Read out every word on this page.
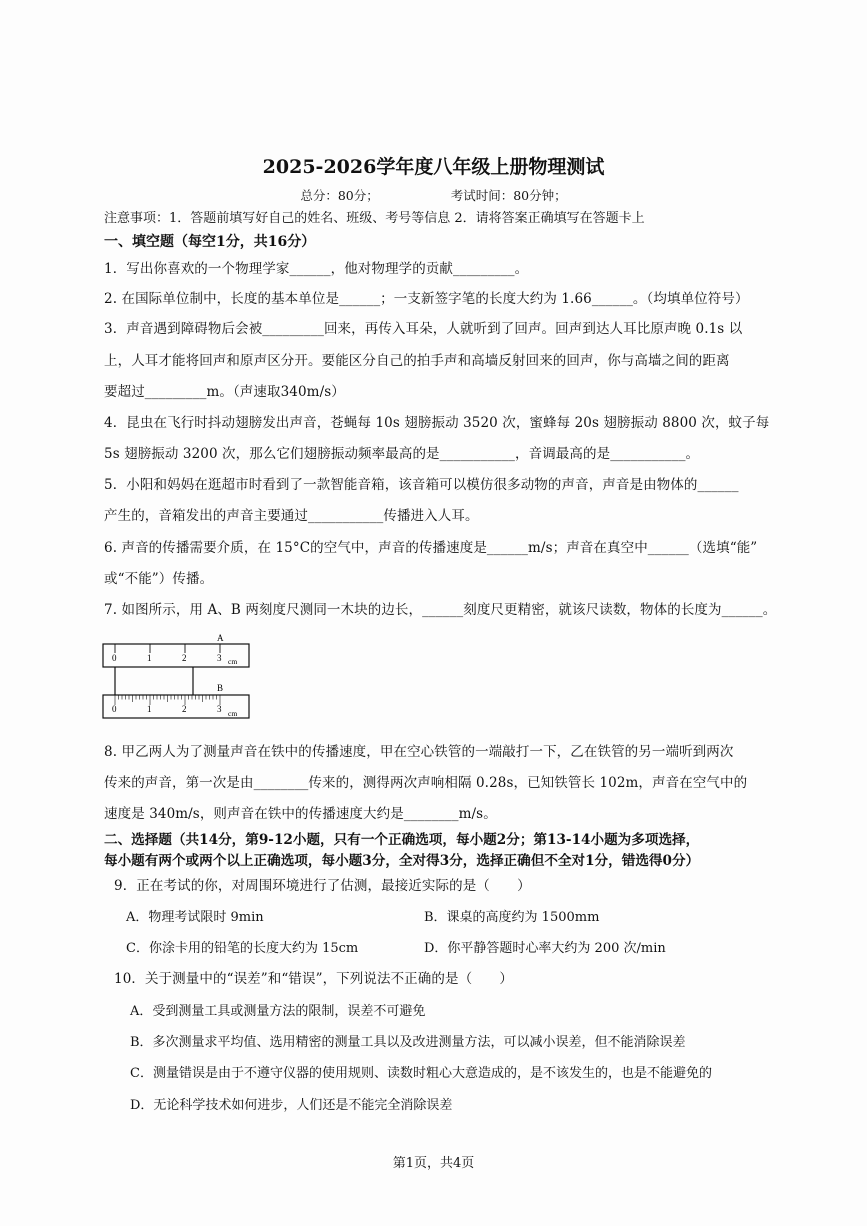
2025-2026学年度八年级上册物理测试
总分：80分；	考试时间：80分钟；
注意事项：1．答题前填写好自己的姓名、班级、考号等信息 2．请将答案正确填写在答题卡上
一、填空题（每空1分，共16分）
1．写出你喜欢的一个物理学家______，他对物理学的贡献_________。
2. 在国际单位制中，长度的基本单位是______；一支新签字笔的长度大约为 1.66______。（均填单位符号）
3．声音遇到障碍物后会被_________回来，再传入耳朵，人就听到了回声。回声到达人耳比原声晚 0.1s 以
上，人耳才能将回声和原声区分开。要能区分自己的拍手声和高墙反射回来的回声，你与高墙之间的距离
要超过_________m。（声速取340m/s）
4．昆虫在飞行时抖动翅膀发出声音，苍蝇每 10s 翅膀振动 3520 次，蜜蜂每 20s 翅膀振动 8800 次，蚊子每
5s 翅膀振动 3200 次，那么它们翅膀振动频率最高的是___________，音调最高的是___________。
5．小阳和妈妈在逛超市时看到了一款智能音箱，该音箱可以模仿很多动物的声音，声音是由物体的______
产生的，音箱发出的声音主要通过___________传播进入人耳。
6. 声音的传播需要介质，在 15°C的空气中，声音的传播速度是______m/s；声音在真空中______（选填“能”
或“不能”）传播。
7. 如图所示，用 A、B 两刻度尺测同一木块的边长，______刻度尺更精密，就该尺读数，物体的长度为______。
A
0	1	2	3 cm
B
0	1	2	3 cm
8. 甲乙两人为了测量声音在铁中的传播速度，甲在空心铁管的一端敲打一下，乙在铁管的另一端听到两次
传来的声音，第一次是由________传来的，测得两次声响相隔 0.28s，已知铁管长 102m，声音在空气中的
速度是 340m/s，则声音在铁中的传播速度大约是________m/s。
二、选择题（共14分，第9-12小题，只有一个正确选项，每小题2分；第13-14小题为多项选择，
每小题有两个或两个以上正确选项，每小题3分，全对得3分，选择正确但不全对1分，错选得0分）
9．正在考试的你，对周围环境进行了估测，最接近实际的是（　　）
A．物理考试限时 9min	B．课桌的高度约为 1500mm
C．你涂卡用的铅笔的长度大约为 15cm	D．你平静答题时心率大约为 200 次/min
10．关于测量中的“误差”和“错误”，下列说法不正确的是（　　）
A．受到测量工具或测量方法的限制，误差不可避免
B．多次测量求平均值、选用精密的测量工具以及改进测量方法，可以减小误差，但不能消除误差
C．测量错误是由于不遵守仪器的使用规则、读数时粗心大意造成的，是不该发生的，也是不能避免的
D．无论科学技术如何进步，人们还是不能完全消除误差
第1页，共4页
